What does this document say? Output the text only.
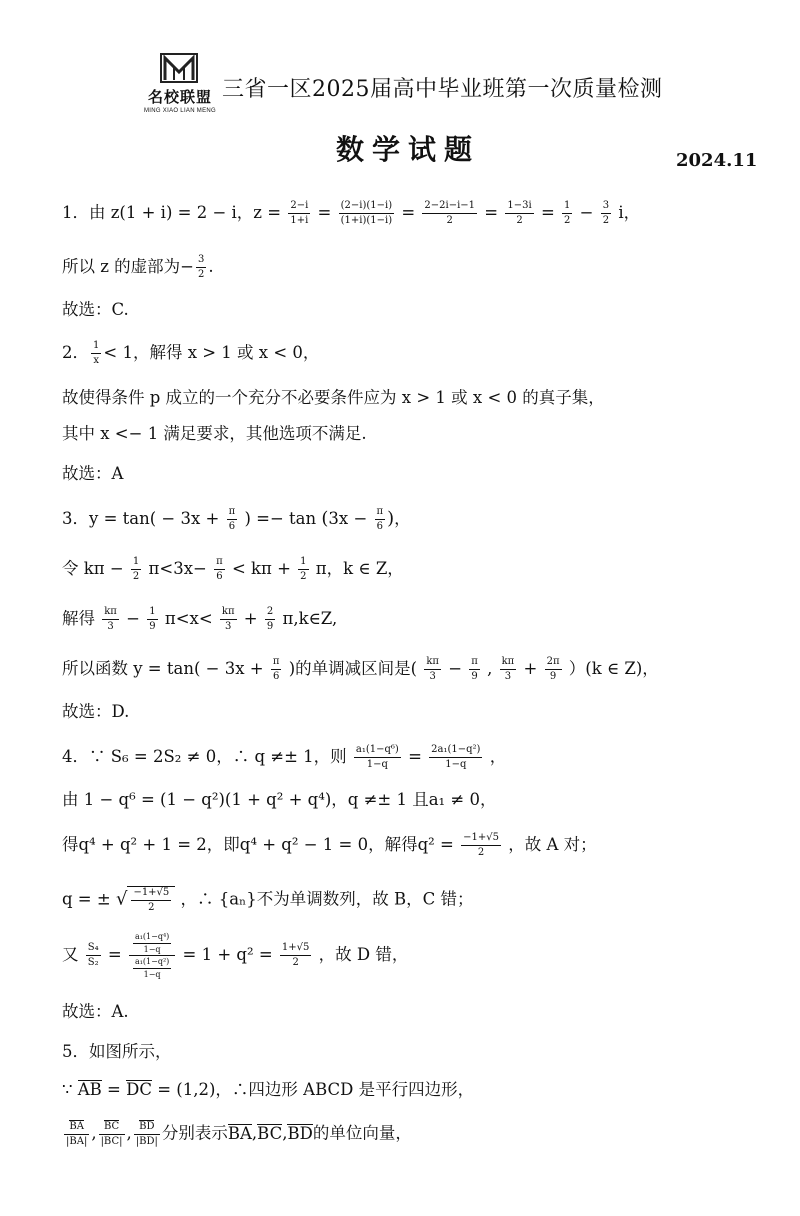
名校联盟
MING XIAO LIAN MENG
三省一区2025届高中毕业班第一次质量检测
数学试题	2024.11
1．由 z(1 + i) = 2 − i，$z = \frac{2-i}{1+i} = \frac{(2-i)(1-i)}{(1+i)(1-i)} = \frac{2-2i-i-1}{2} = \frac{1-3i}{2} = \frac{1}{2} - \frac{3}{2}$ i，
所以 z 的虚部为− $\frac{3}{2}$ .
故选：C.
2． $\frac{1}{x} < 1$，解得 x > 1 或 x < 0，
故使得条件 p 成立的一个充分不必要条件应为 x > 1 或 x < 0 的真子集，
其中 x <− 1 满足要求，其他选项不满足.
故选：A
3．$y = \tan( - 3x + \frac{\pi}{6}$ ) =− $\tan (3x - \frac{\pi}{6}$ )，
令 $k\pi - \frac{1}{2} \pi<3x- \frac{\pi}{6} < k\pi + \frac{1}{2}$ π，k ∈ Z，
解得 $\frac{k\pi}{3} - \frac{1}{9} \pi<x< \frac{k\pi}{3} + \frac{2}{9}$ π,k∈Z,
所以函数 $y = \tan( - 3x + \frac{\pi}{6}$ )的单调减区间是( $\frac{k\pi}{3} - \frac{\pi}{9}$ , $\frac{k\pi}{3} + \frac{2\pi}{9} )(k$ ∈ Z)，
故选：D.
4．∵ S₆ = 2S₂ ≠ 0，∴ q ≠± 1，则 $\frac{\text{a₁(1−q⁶)}}{1-q} = \frac{\text{2a₁(1−q²)}}{1-q}$ ，
由 1 − q⁶ = (1 − q²)(1 + q² + q⁴)，q ≠± 1 且a₁ ≠ 0，
得q⁴ + q² + 1 = 2，即q⁴ + q² − 1 = 0，解得$q^2 = \frac{-1+√5}{2}$ ，故 A 对；
q = ± √ $\frac{-1+√5}{2}$ ，∴ {aₙ}不为单调数列，故 B，C 错；
又 $\frac{\text{S₄}}{\text{S₂}} = \frac{\frac{\text{a₁(1−q⁴)}}{1-q}}{\frac{\text{a₁(1−q²)}}{1-q}} = 1 + q^2 = \frac{1+√5}{2}$ ，故 D 错，
故选：A.
5．如图所示，
∵ AB = DC = (1,2)，∴四边形 ABCD 是平行四边形，
$\frac{BA}{|BA|}$ , $\frac{BC}{|BC|}$ , $\frac{BD}{|BD|}$ 分别表示BA,BC,BD的单位向量，
